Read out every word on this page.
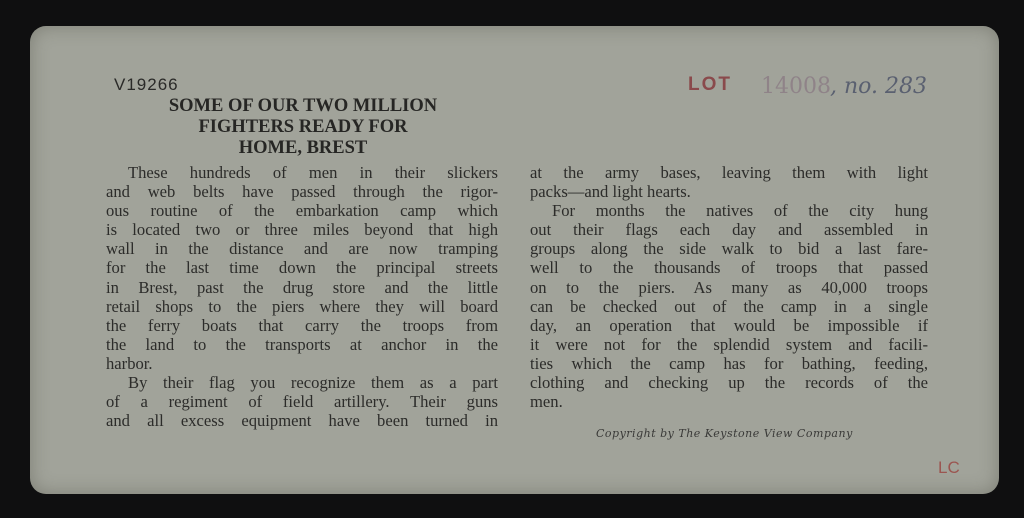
LOT 14008 , no. 283
V19266
SOME OF OUR TWO MILLION
FIGHTERS READY FOR
HOME, BREST
These hundreds of men in their slickers
and web belts have passed through the rigor-
ous routine of the embarkation camp which
is located two or three miles beyond that high
wall in the distance and are now tramping
for the last time down the principal streets
in Brest, past the drug store and the little
retail shops to the piers where they will board
the ferry boats that carry the troops from
the land to the transports at anchor in the
harbor.
By their flag you recognize them as a part
of a regiment of field artillery. Their guns
and all excess equipment have been turned in
at the army bases, leaving them with light
packs—and light hearts.
For months the natives of the city hung
out their flags each day and assembled in
groups along the side walk to bid a last fare-
well to the thousands of troops that passed
on to the piers. As many as 40,000 troops
can be checked out of the camp in a single
day, an operation that would be impossible if
it were not for the splendid system and facili-
ties which the camp has for bathing, feeding,
clothing and checking up the records of the
men.
Copyright by The Keystone View Company
LC
